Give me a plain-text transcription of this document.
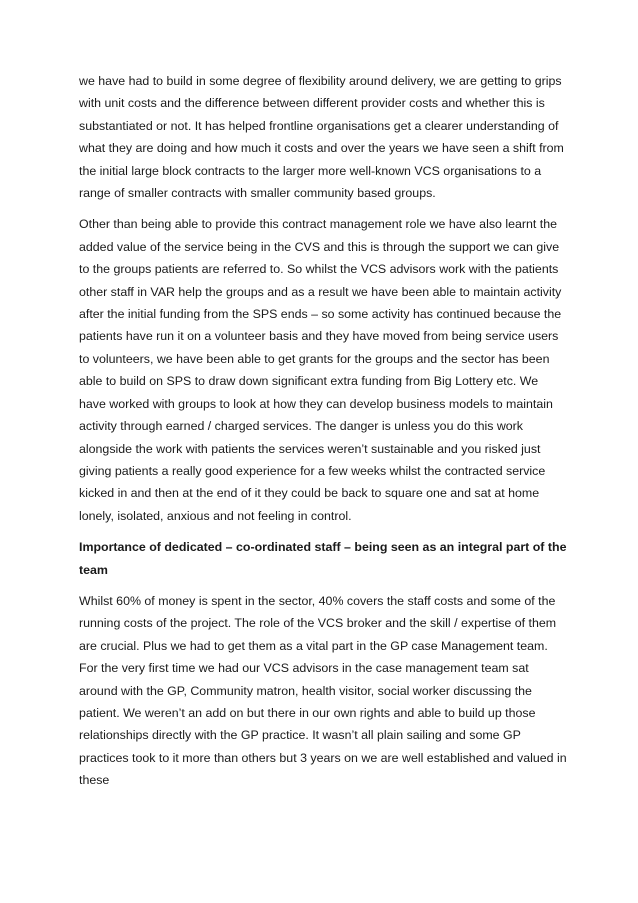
we have had to build in some degree of flexibility around delivery, we are getting to grips with unit costs and the difference between different provider costs and whether this is substantiated or not. It has helped frontline organisations get a clearer understanding of what they are doing and how much it costs and over the years we have seen a shift from the initial large block contracts to the larger more well-known VCS organisations to a range of smaller contracts with smaller community based groups.

Other than being able to provide this contract management role we have also learnt the added value of the service being in the CVS and this is through the support we can give to the groups patients are referred to. So whilst the VCS advisors work with the patients other staff in VAR help the groups and as a result we have been able to maintain activity after the initial funding from the SPS ends – so some activity has continued because the patients have run it on a volunteer basis and they have moved from being service users to volunteers, we have been able to get grants for the groups and the sector has been able to build on SPS to draw down significant extra funding from Big Lottery etc. We have worked with groups to look at how they can develop business models to maintain activity through earned / charged services. The danger is unless you do this work alongside the work with patients the services weren’t sustainable and you risked just giving patients a really good experience for a few weeks whilst the contracted service kicked in and then at the end of it they could be back to square one and sat at home lonely, isolated, anxious and not feeling in control.

Importance of dedicated – co-ordinated staff – being seen as an integral part of the team

Whilst 60% of money is spent in the sector, 40% covers the staff costs and some of the running costs of the project. The role of the VCS broker and the skill / expertise of them are crucial. Plus we had to get them as a vital part in the GP case Management team. For the very first time we had our VCS advisors in the case management team sat around with the GP, Community matron, health visitor, social worker discussing the patient. We weren’t an add on but there in our own rights and able to build up those relationships directly with the GP practice. It wasn’t all plain sailing and some GP practices took to it more than others but 3 years on we are well established and valued in these
